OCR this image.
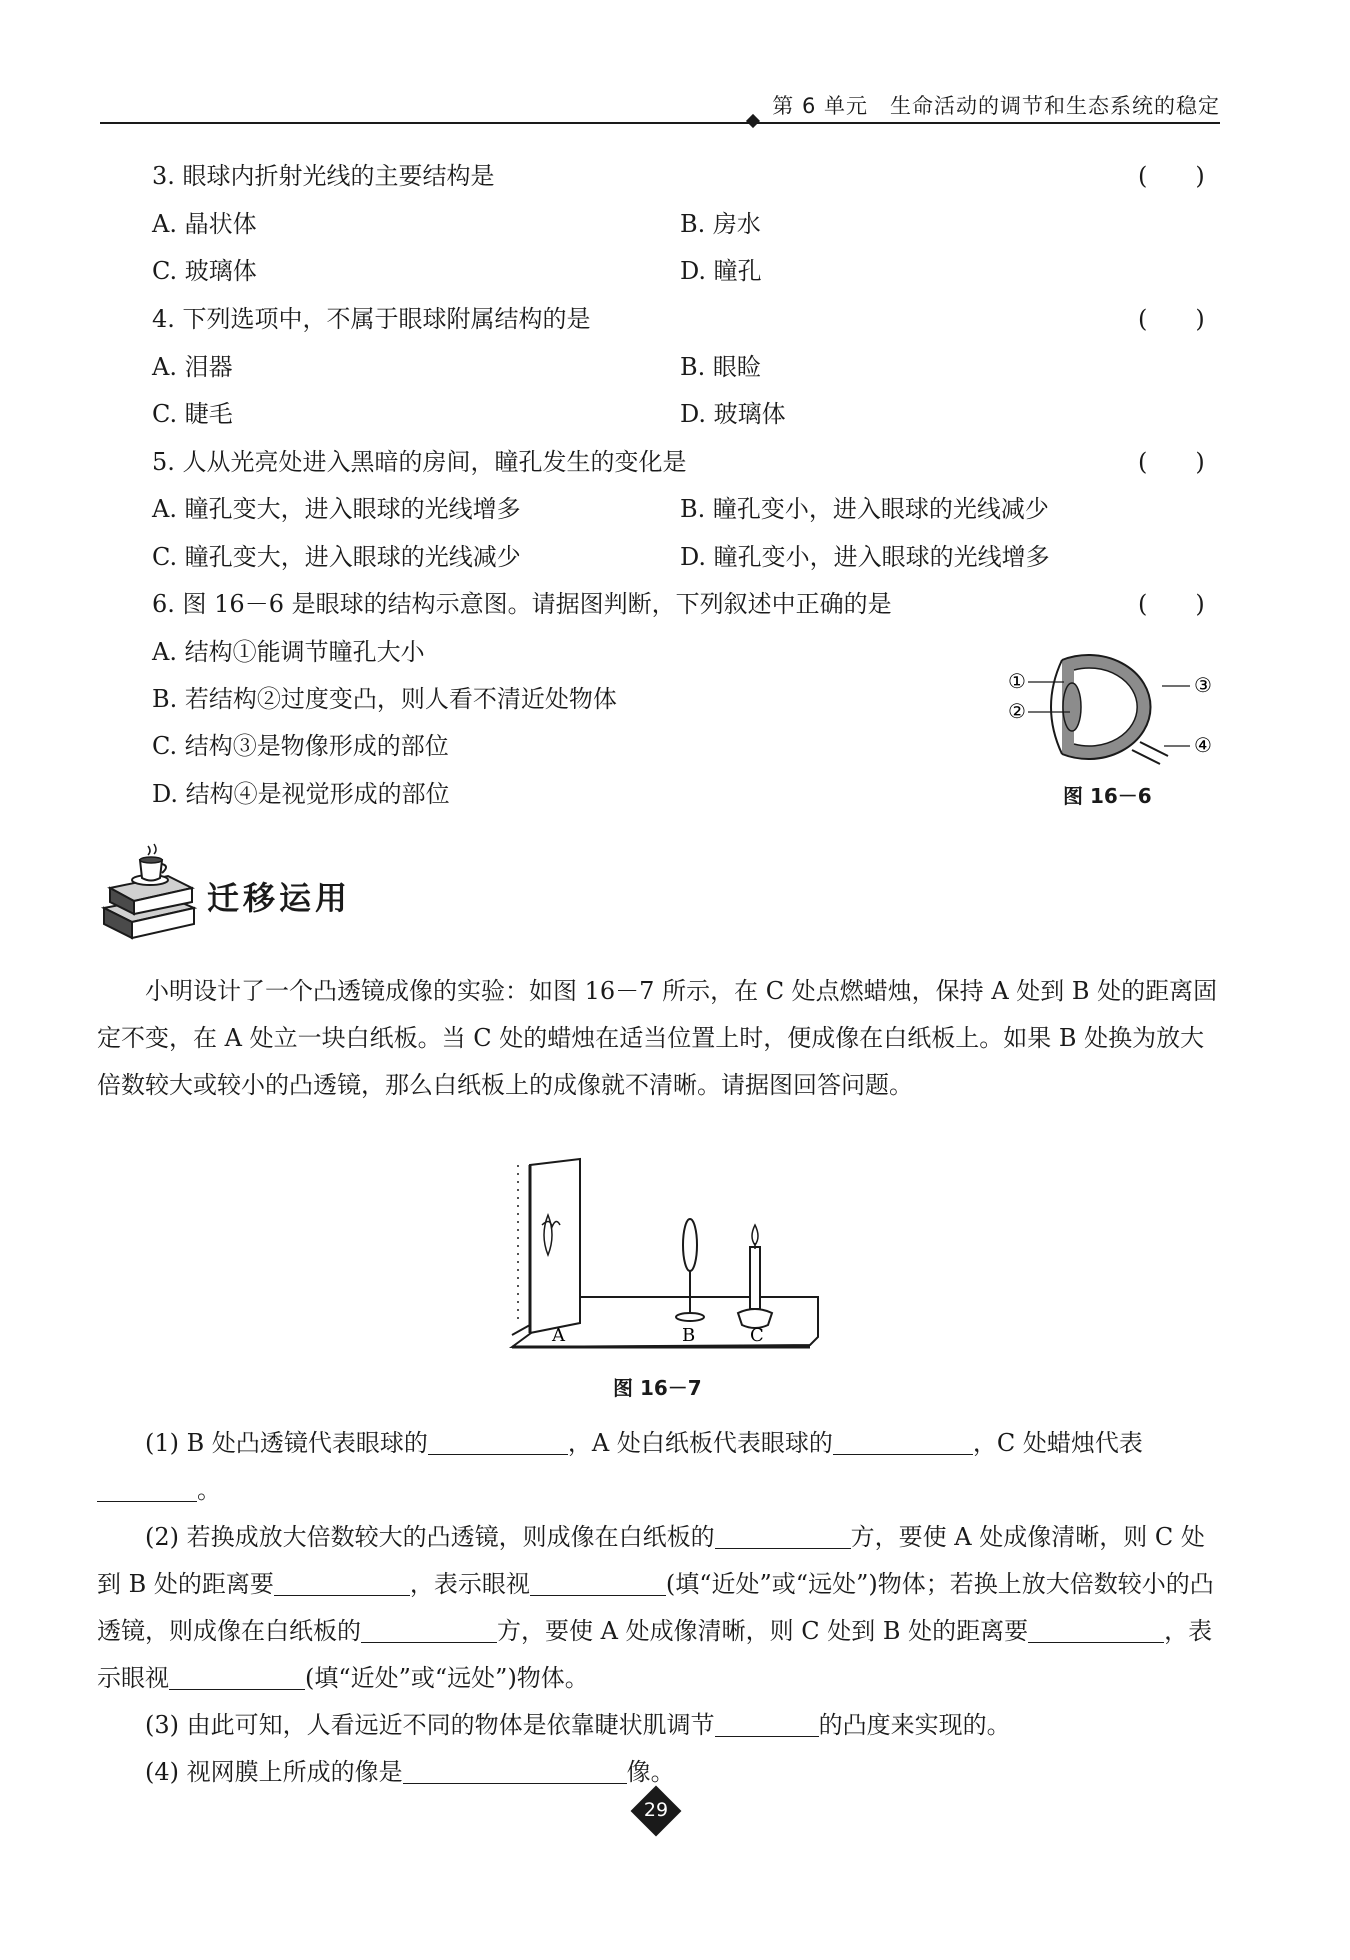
第 6 单元　生命活动的调节和生态系统的稳定
3. 眼球内折射光线的主要结构是	(　　)
A. 晶状体	B. 房水
C. 玻璃体	D. 瞳孔
4. 下列选项中，不属于眼球附属结构的是	(　　)
A. 泪器	B. 眼睑
C. 睫毛	D. 玻璃体
5. 人从光亮处进入黑暗的房间，瞳孔发生的变化是	(　　)
A. 瞳孔变大，进入眼球的光线增多	B. 瞳孔变小，进入眼球的光线减少
C. 瞳孔变大，进入眼球的光线减少	D. 瞳孔变小，进入眼球的光线增多
6. 图 16－6 是眼球的结构示意图。请据图判断，下列叙述中正确的是	(　　)
A. 结构①能调节瞳孔大小
B. 若结构②过度变凸，则人看不清近处物体
C. 结构③是物像形成的部位
D. 结构④是视觉形成的部位
①
②
③
④
图 16－6
迁移运用

小明设计了一个凸透镜成像的实验：如图 16－7 所示，在 C 处点燃蜡烛，保持 A 处到 B 处的距离固定不变，在 A 处立一块白纸板。当 C 处的蜡烛在适当位置上时，便成像在白纸板上。如果 B 处换为放大倍数较大或较小的凸透镜，那么白纸板上的成像就不清晰。请据图回答问题。

A	B	C
图 16－7

(1) B 处凸透镜代表眼球的	，A 处白纸板代表眼球的	，C 处蜡烛代表。

(2) 若换成放大倍数较大的凸透镜，则成像在白纸板的	方，要使 A 处成像清晰，则 C 处到 B 处的距离要	，表示眼视	(填“近处”或“远处”)物体；若换上放大倍数较小的凸透镜，则成像在白纸板的	方，要使 A 处成像清晰，则 C 处到 B 处的距离要	，表示眼视	(填“近处”或“远处”)物体。

(3) 由此可知，人看远近不同的物体是依靠睫状肌调节	的凸度来实现的。

(4) 视网膜上所成的像是	像。

29
